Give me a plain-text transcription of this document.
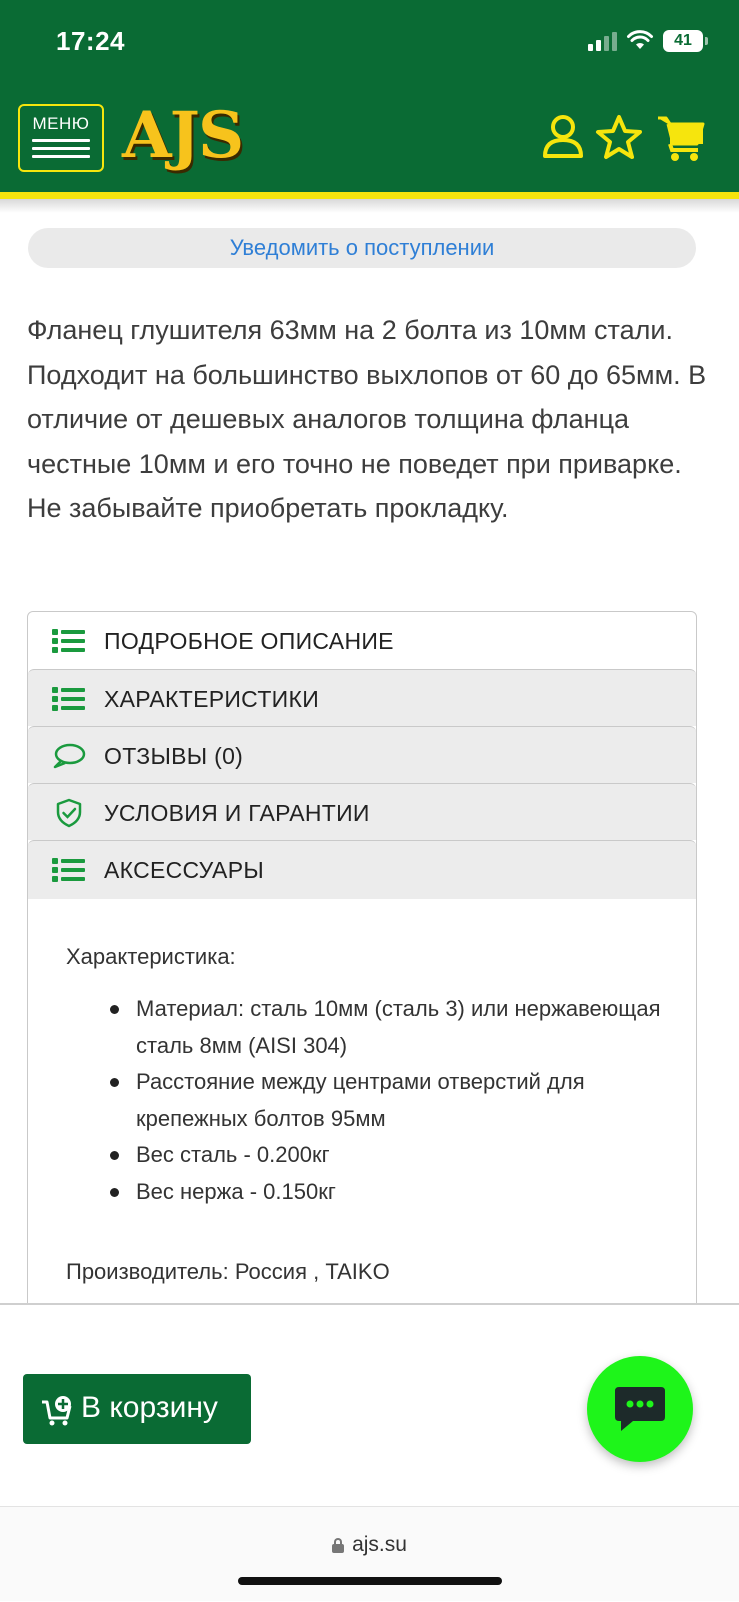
17:24	41
МЕНЮ AJS
Уведомить о поступлении
Фланец глушителя 63мм на 2 болта из 10мм стали. Подходит на большинство выхлопов от 60 до 65мм. В отличие от дешевых аналогов толщина фланца честные 10мм и его точно не поведет при приварке. Не забывайте приобретать прокладку.
ПОДРОБНОЕ ОПИСАНИЕ
ХАРАКТЕРИСТИКИ
ОТЗЫВЫ (0)
УСЛОВИЯ И ГАРАНТИИ
АКСЕССУАРЫ
Характеристика:
Материал: сталь 10мм (сталь 3) или нержавеющая сталь 8мм (AISI 304)
Расстояние между центрами отверстий для крепежных болтов 95мм
Вес сталь - 0.200кг
Вес нержа - 0.150кг
Производитель: Россия , TAIKO
В корзину
ajs.su
